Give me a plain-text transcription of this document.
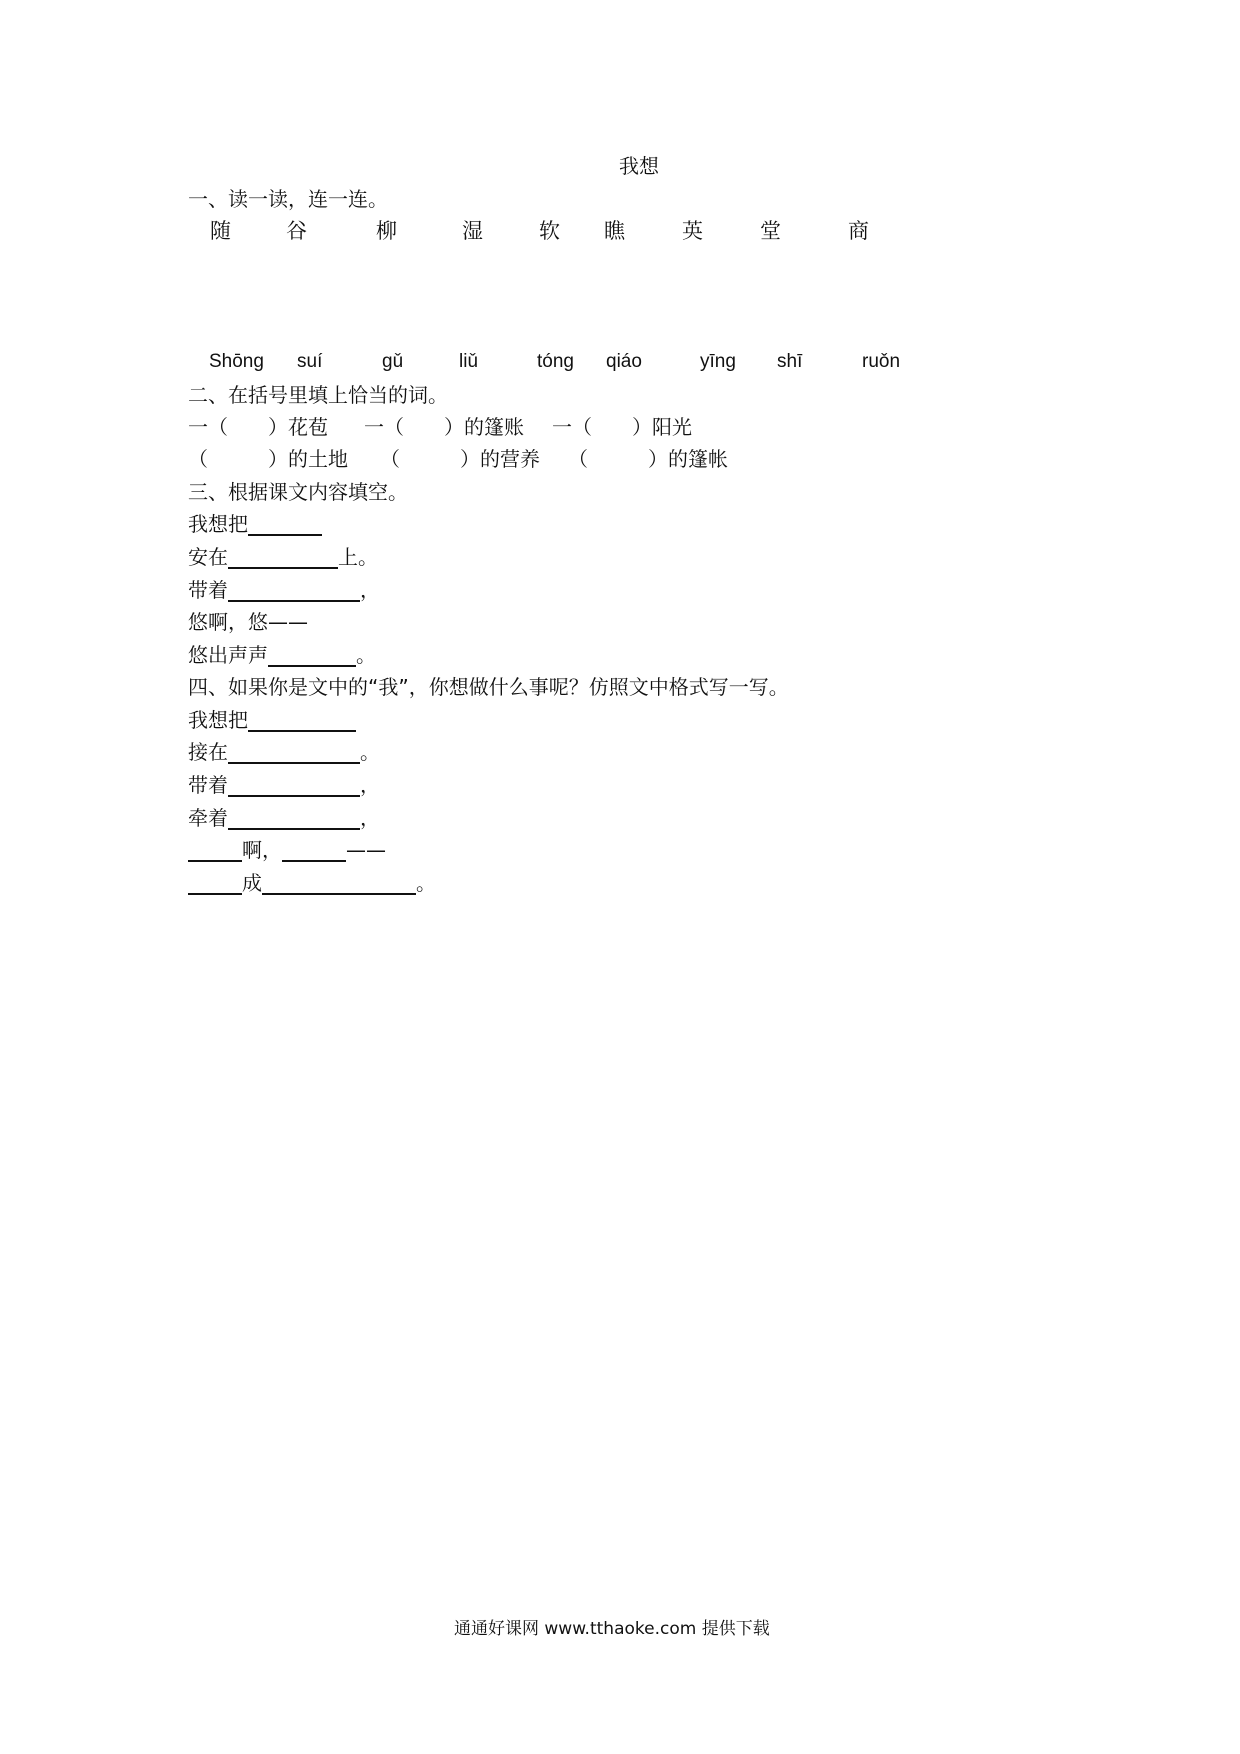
我想
一、读一读，连一连。
随	谷	柳	湿	软 瞧	英	堂	商
Shōng suí	gǔ	liǔ	tóng qiáo	yīng shī	ruǒn
二、在括号里填上恰当的词。
一（　　）花苞 一（　　）的篷账 一（　　）阳光
（　　　）的土地 （　　　）的营养 （　　　）的篷帐
三、根据课文内容填空。
我想把
安在	上。
带着	，
悠啊，悠——
悠出声声	。
四、如果你是文中的“我”，你想做什么事呢？仿照文中格式写一写。
我想把
接在	。
带着	，
牵着	，
啊，	——
成	。
通通好课网 www.tthaoke.com 提供下载
